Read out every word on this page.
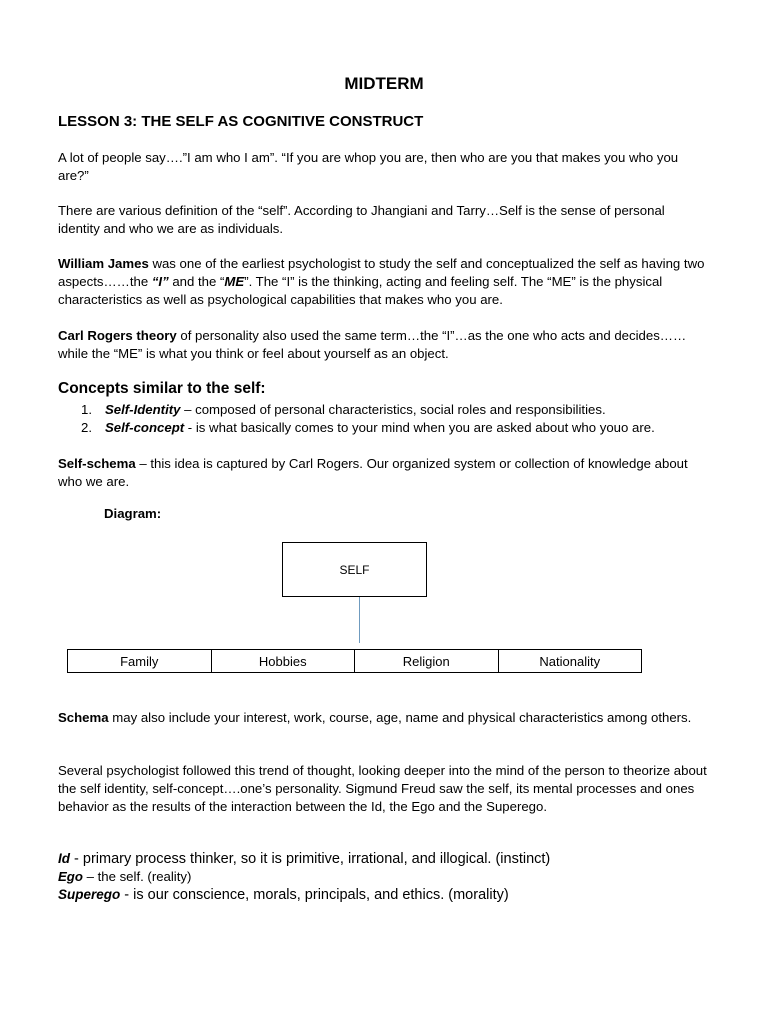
MIDTERM
LESSON 3: THE SELF AS COGNITIVE CONSTRUCT
A lot of people say….”I am who I am”. “If you are whop you are, then who are you that makes you who you are?”
There are various definition of the “self”. According to Jhangiani and Tarry…Self is the sense of personal identity and who we are as individuals.
William James was one of the earliest psychologist to study the self and conceptualized the self as having two aspects……the “I” and the “ME”. The “I” is the thinking, acting and feeling self. The “ME” is the physical characteristics as well as psychological capabilities that makes who you are.
Carl Rogers theory of personality also used the same term…the “I”…as the one who acts and decides……while the “ME” is what you think or feel about yourself as an object.
Concepts similar to the self:
1. Self-Identity – composed of personal characteristics, social roles and responsibilities.
2. Self-concept - is what basically comes to your mind when you are asked about who youo are.
Self-schema – this idea is captured by Carl Rogers. Our organized system or collection of knowledge about who we are.
Diagram:
SELF
Family	Hobbies	Religion	Nationality
Schema may also include your interest, work, course, age, name and physical characteristics among others.
Several psychologist followed this trend of thought, looking deeper into the mind of the person to theorize about the self identity, self-concept….one’s personality. Sigmund Freud saw the self, its mental processes and ones behavior as the results of the interaction between the Id, the Ego and the Superego.
Id - primary process thinker, so it is primitive, irrational, and illogical. (instinct)
Ego – the self. (reality)
Superego - is our conscience, morals, principals, and ethics. (morality)
